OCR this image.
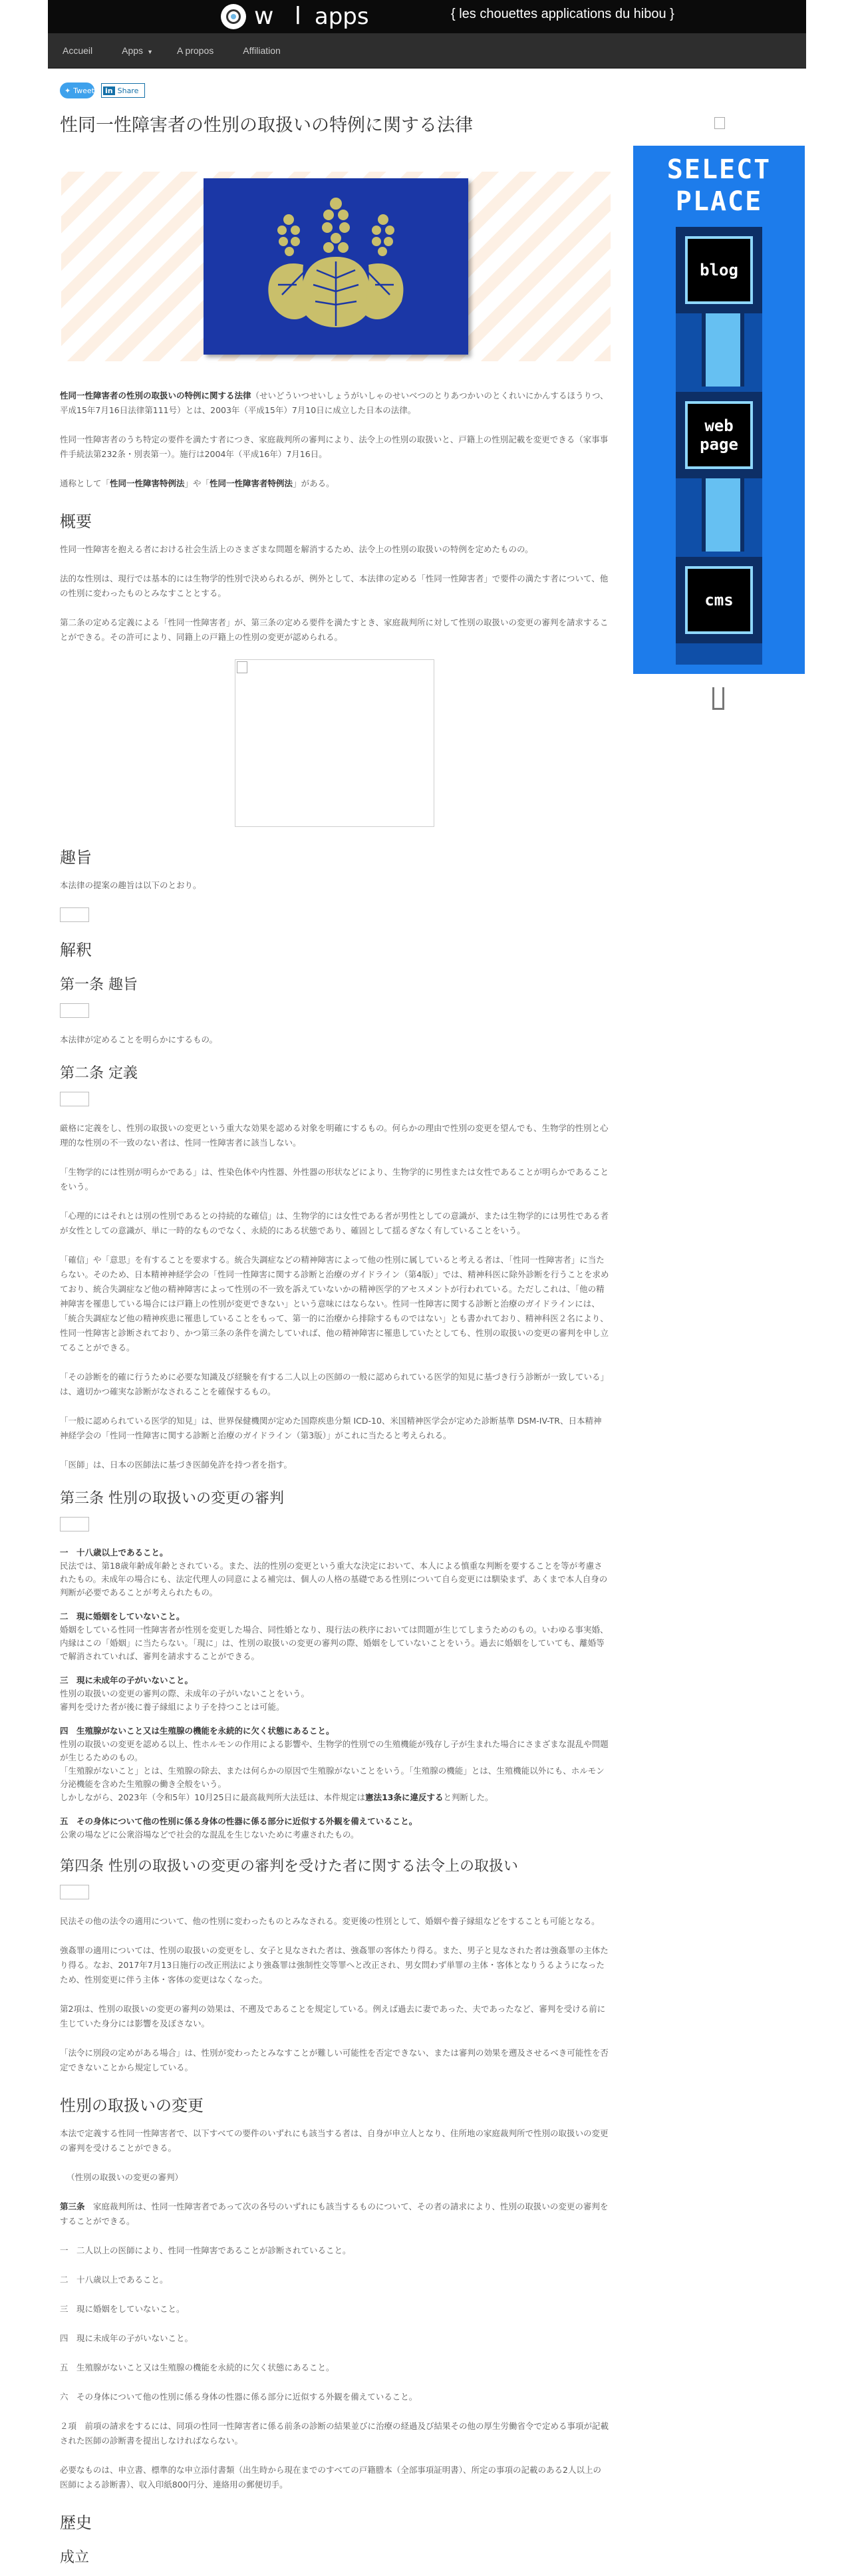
w l apps	{ les chouettes applications du hibou }
Accueil	Apps ▼	A propos	Affiliation
✦ Tweet in Share
性同一性障害者の性別の取扱いの特例に関する法律

性同一性障害者の性別の取扱いの特例に関する法律（せいどういつせいしょうがいしゃのせいべつのとりあつかいのとくれいにかんするほうりつ、平成15年7月16日法律第111号）とは、2003年（平成15年）7月10日に成立した日本の法律。

性同一性障害者のうち特定の要件を満たす者につき、家庭裁判所の審判により、法令上の性別の取扱いと、戸籍上の性別記載を変更できる（家事事件手続法第232条・別表第一）。施行は2004年（平成16年）7月16日。

通称として「性同一性障害特例法」や「性同一性障害者特例法」がある。

概要

性同一性障害を抱える者における社会生活上のさまざまな問題を解消するため、法令上の性別の取扱いの特例を定めたものの。

法的な性別は、現行では基本的には生物学的性別で決められるが、例外として、本法律の定める「性同一性障害者」で要件の満たす者について、他の性別に変わったものとみなすこととする。

第二条の定める定義による「性同一性障害者」が、第三条の定める要件を満たすとき、家庭裁判所に対して性別の取扱いの変更の審判を請求することができる。その許可により、同籍上の戸籍上の性別の変更が認められる。

趣旨

本法律の提案の趣旨は以下のとおり。

解釈
第一条 趣旨

本法律が定めることを明らかにするもの。

第二条 定義

厳格に定義をし、性別の取扱いの変更という重大な効果を認める対象を明確にするもの。何らかの理由で性別の変更を望んでも、生物学的性別と心理的な性別の不一致のない者は、性同一性障害者に該当しない。

「生物学的には性別が明らかである」は、性染色体や内性器、外性器の形状などにより、生物学的に男性または女性であることが明らかであることをいう。

「心理的にはそれとは別の性別であるとの持続的な確信」は、生物学的には女性である者が男性としての意識が、または生物学的には男性である者が女性としての意識が、単に一時的なものでなく、永続的にある状態であり、確固として揺るぎなく有していることをいう。

「確信」や「意思」を有することを要求する。統合失調症などの精神障害によって他の性別に属していると考える者は、「性同一性障害者」に当たらない。そのため、日本精神神経学会の「性同一性障害に関する診断と治療のガイドライン（第4版）」では、精神科医に除外診断を行うことを求めており、統合失調症など他の精神障害によって性別の不一致を訴えていないかの精神医学的アセスメントが行われている。ただしこれは、「他の精神障害を罹患している場合には戸籍上の性別が変更できない」という意味にはならない。性同一性障害に関する診断と治療のガイドラインには、「統合失調症など他の精神疾患に罹患していることをもって、第一的に治療から排除するものではない」とも書かれており、精神科医２名により、性同一性障害と診断されており、かつ第三条の条件を満たしていれば、他の精神障害に罹患していたとしても、性別の取扱いの変更の審判を申し立てることができる。

「その診断を的確に行うために必要な知識及び経験を有する二人以上の医師の一般に認められている医学的知見に基づき行う診断が一致している」は、適切かつ確実な診断がなされることを確保するもの。

「一般に認められている医学的知見」は、世界保健機関が定めた国際疾患分類 ICD-10、米国精神医学会が定めた診断基準 DSM-IV-TR、日本精神神経学会の「性同一性障害に関する診断と治療のガイドライン（第3版）」がこれに当たると考えられる。

「医師」は、日本の医師法に基づき医師免許を持つ者を指す。

第三条 性別の取扱いの変更の審判
一　十八歳以上であること。
民法では、第18歳年齢成年齢とされている。また、法的性別の変更という重大な決定において、本人による慎重な判断を要することを等が考慮されたもの。未成年の場合にも、法定代理人の同意による補完は、個人の人格の基礎である性別について自ら変更には馴染まず、あくまで本人自身の判断が必要であることが考えられたもの。
二　現に婚姻をしていないこと。
婚姻をしている性同一性障害者が性別を変更した場合、同性婚となり、現行法の秩序においては問題が生じてしまうためのもの。いわゆる事実婚、内縁はこの「婚姻」に当たらない。「現に」は、性別の取扱いの変更の審判の際、婚姻をしていないことをいう。過去に婚姻をしていても、離婚等で解消されていれば、審判を請求することができる。
三　現に未成年の子がいないこと。
性別の取扱いの変更の審判の際、未成年の子がいないことをいう。
審判を受けた者が後に養子縁組により子を持つことは可能。
四　生殖腺がないこと又は生殖腺の機能を永続的に欠く状態にあること。
性別の取扱いの変更を認める以上、性ホルモンの作用による影響や、生物学的性別での生殖機能が残存し子が生まれた場合にさまざまな混乱や問題が生じるためのもの。
「生殖腺がないこと」とは、生殖腺の除去、または何らかの原因で生殖腺がないことをいう。「生殖腺の機能」とは、生殖機能以外にも、ホルモン分泌機能を含めた生殖腺の働き全般をいう。
しかしながら、2023年（令和5年）10月25日に最高裁判所大法廷は、本件規定は憲法13条に違反すると判断した。
五　その身体について他の性別に係る身体の性器に係る部分に近似する外観を備えていること。
公衆の場などに公衆浴場などで社会的な混乱を生じないために考慮されたもの。
第四条 性別の取扱いの変更の審判を受けた者に関する法令上の取扱い

民法その他の法令の適用について、他の性別に変わったものとみなされる。変更後の性別として、婚姻や養子縁組などをすることも可能となる。

強姦罪の適用については、性別の取扱いの変更をし、女子と見なされた者は、強姦罪の客体たり得る。また、男子と見なされた者は強姦罪の主体たり得る。なお、2017年7月13日施行の改正刑法により強姦罪は強制性交等罪へと改正され、男女問わず単罪の主体・客体となりうるようになったため、性別変更に伴う主体・客体の変更はなくなった。

第2項は、性別の取扱いの変更の審判の効果は、不遡及であることを規定している。例えば過去に妻であった、夫であったなど、審判を受ける前に生じていた身分には影響を及ぼさない。

「法令に別段の定めがある場合」は、性別が変わったとみなすことが難しい可能性を否定できない、または審判の効果を遡及させるべき可能性を否定できないことから規定している。

性別の取扱いの変更

本法で定義する性同一性障害者で、以下すべての要件のいずれにも該当する者は、自身が申立人となり、住所地の家庭裁判所で性別の取扱いの変更の審判を受けることができる。

（性別の取扱いの変更の審判）

第三条　 家庭裁判所は、性同一性障害者であって次の各号のいずれにも該当するものについて、その者の請求により、性別の取扱いの変更の審判をすることができる。

一　二人以上の医師により、性同一性障害であることが診断されていること。

二　十八歳以上であること。

三　現に婚姻をしていないこと。

四　現に未成年の子がいないこと。

五　生殖腺がないこと又は生殖腺の機能を永続的に欠く状態にあること。

六　その身体について他の性別に係る身体の性器に係る部分に近似する外観を備えていること。

２項　前項の請求をするには、同項の性同一性障害者に係る前条の診断の結果並びに治療の経過及び結果その他の厚生労働省令で定める事項が記載された医師の診断書を提出しなければならない。

必要なものは、申立書、標準的な申立添付書類（出生時から現在までのすべての戸籍謄本（全部事項証明書）、所定の事項の記載のある2人以上の医師による診断書）、収入印紙800円分、連絡用の郵便切手。

歴史
成立
SELECT
PLACE
blog
web page
cms
